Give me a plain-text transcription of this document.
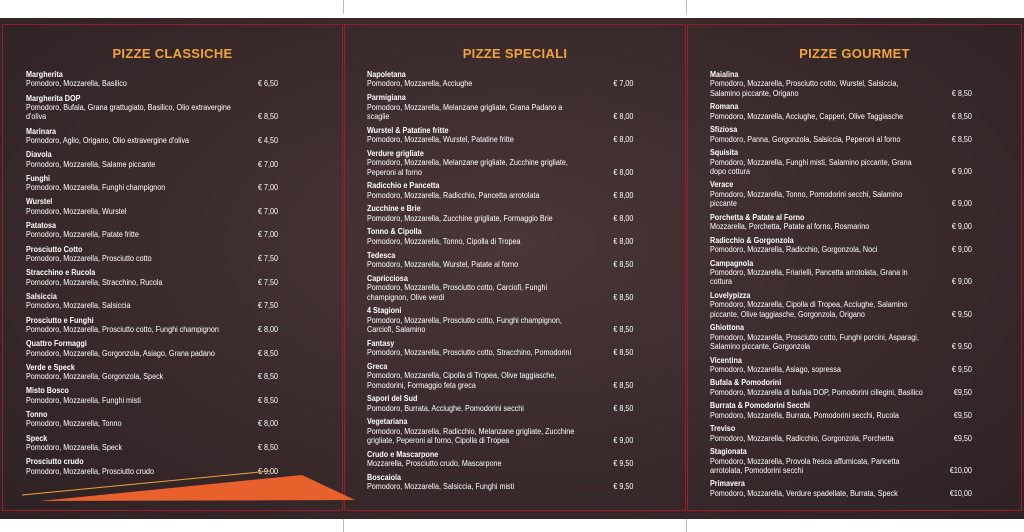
PIZZE CLASSICHE
Margherita
Pomodoro, Mozzarella, Basilico	€ 6,50
Margherita DOP
Pomodoro, Bufala, Grana grattugiato, Basilico, Olio extravergine d'oliva	€ 8,50
Marinara
Pomodoro, Aglio, Origano, Olio extravergine d'oliva	€ 4,50
Diavola
Pomodoro, Mozzarella, Salame piccante	€ 7,00
Funghi
Pomodoro, Mozzarella, Funghi champignon	€ 7,00
Wurstel
Pomodoro, Mozzarella, Wurstel	€ 7,00
Patatosa
Pomodoro, Mozzarella, Patate fritte	€ 7,00
Prosciutto Cotto
Pomodoro, Mozzarella, Prosciutto cotto	€ 7,50
Stracchino e Rucola
Pomodoro, Mozzarella, Stracchino, Rucola	€ 7,50
Salsiccia
Pomodoro, Mozzarella, Salsiccia	€ 7,50
Prosciutto e Funghi
Pomodoro, Mozzarella, Prosciutto cotto, Funghi champignon	€ 8,00
Quattro Formaggi
Pomodoro, Mozzarella, Gorgonzola, Asiago, Grana padano	€ 8,50
Verde e Speck
Pomodoro, Mozzarella, Gorgonzola, Speck	€ 8,50
Misto Bosco
Pomodoro, Mozzarella, Funghi misti	€ 8,50
Tonno
Pomodoro, Mozzarella, Tonno	€ 8,00
Speck
Pomodoro, Mozzarella, Speck	€ 8,50
Prosciutto crudo
Pomodoro, Mozzarella, Prosciutto crudo	€ 9,00
PIZZE SPECIALI
Napoletana
Pomodoro, Mozzarella, Acciughe	€ 7,00
Parmigiana
Pomodoro, Mozzarella, Melanzane grigliate, Grana Padano a scaglie	€ 8,00
Wurstel & Patatine fritte
Pomodoro, Mozzarella, Wurstel, Patatine fritte	€ 8,00
Verdure grigliate
Pomodoro, Mozzarella, Melanzane grigliate, Zucchine grigliate, Peperoni al forno	€ 8,00
Radicchio e Pancetta
Pomodoro, Mozzarella, Radicchio, Pancetta arrotolata	€ 8,00
Zucchine e Brie
Pomodoro, Mozzarella, Zucchine grigliate, Formaggio Brie	€ 8,00
Tonno & Cipolla
Pomodoro, Mozzarella, Tonno, Cipolla di Tropea	€ 8,00
Tedesca
Pomodoro, Mozzarella, Wurstel, Patate al forno	€ 8,50
Capricciosa
Pomodoro, Mozzarella, Prosciutto cotto, Carciofi, Funghi champignon, Olive verdi	€ 8,50
4 Stagioni
Pomodoro, Mozzarella, Prosciutto cotto, Funghi champignon, Carciofi, Salamino	€ 8,50
Fantasy
Pomodoro, Mozzarella, Prosciutto cotto, Stracchino, Pomodorini	€ 8,50
Greca
Pomodoro, Mozzarella, Cipolla di Tropea, Olive taggiasche, Pomodorini, Formaggio feta greca	€ 8,50
Sapori del Sud
Pomodoro, Burrata, Acciughe, Pomodorini secchi	€ 8,50
Vegetariana
Pomodoro, Mozzarella, Radicchio, Melanzane grigliate, Zucchine grigliate, Peperoni al forno, Cipolla di Tropea	€ 9,00
Crudo e Mascarpone
Mozzarella, Prosciutto crudo, Mascarpone	€ 9,50
Boscaiola
Pomodoro, Mozzarella, Salsiccia, Funghi misti	€ 9,50
PIZZE GOURMET
Maialina
Pomodoro, Mozzarella, Prosciutto cotto, Wurstel, Salsiccia, Salamino piccante, Origano	€ 8,50
Romana
Pomodoro, Mozzarella, Acciughe, Capperi, Olive Taggiasche	€ 8,50
Sfiziosa
Pomodoro, Panna, Gorgonzola, Salsiccia, Peperoni al forno	€ 8,50
Squisita
Pomodoro, Mozzarella, Funghi misti, Salamino piccante, Grana dopo cottura	€ 9,00
Verace
Pomodoro, Mozzarella, Tonno, Pomodorini secchi, Salamino piccante	€ 9,00
Porchetta & Patate al Forno
Mozzarella, Porchetta, Patate al forno, Rosmarino	€ 9,00
Radicchio & Gorgonzola
Pomodoro, Mozzarella, Radicchio, Gorgonzola, Noci	€ 9,00
Campagnola
Pomodoro, Mozzarella, Friarielli, Pancetta arrotolata, Grana in cottura	€ 9,00
Lovelypizza
Pomodoro, Mozzarella, Cipolla di Tropea, Acciughe, Salamino piccante, Olive taggiasche, Gorgonzola, Origano	€ 9,50
Ghiottona
Pomodoro, Mozzarella, Prosciutto cotto, Funghi porcini, Asparagi, Salamino piccante, Gorgonzola	€ 9,50
Vicentina
Pomodoro, Mozzarella, Asiago, sopressa	€ 9,50
Bufala & Pomodorini
Pomodoro, Mozzarella di bufala DOP, Pomodorini ciliegini, Basilico	€9,50
Burrata & Pomodorini Secchi
Pomodoro, Mozzarella, Burrata, Pomodorini secchi, Rucola	€9,50
Treviso
Pomodoro, Mozzarella, Radicchio, Gorgonzola, Porchetta	€9,50
Stagionata
Pomodoro, Mozzarella, Provola fresca affumicata, Pancetta arrotolata, Pomodorini secchi	€10,00
Primavera
Pomodoro, Mozzarella, Verdure spadellate, Burrata, Speck	€10,00
